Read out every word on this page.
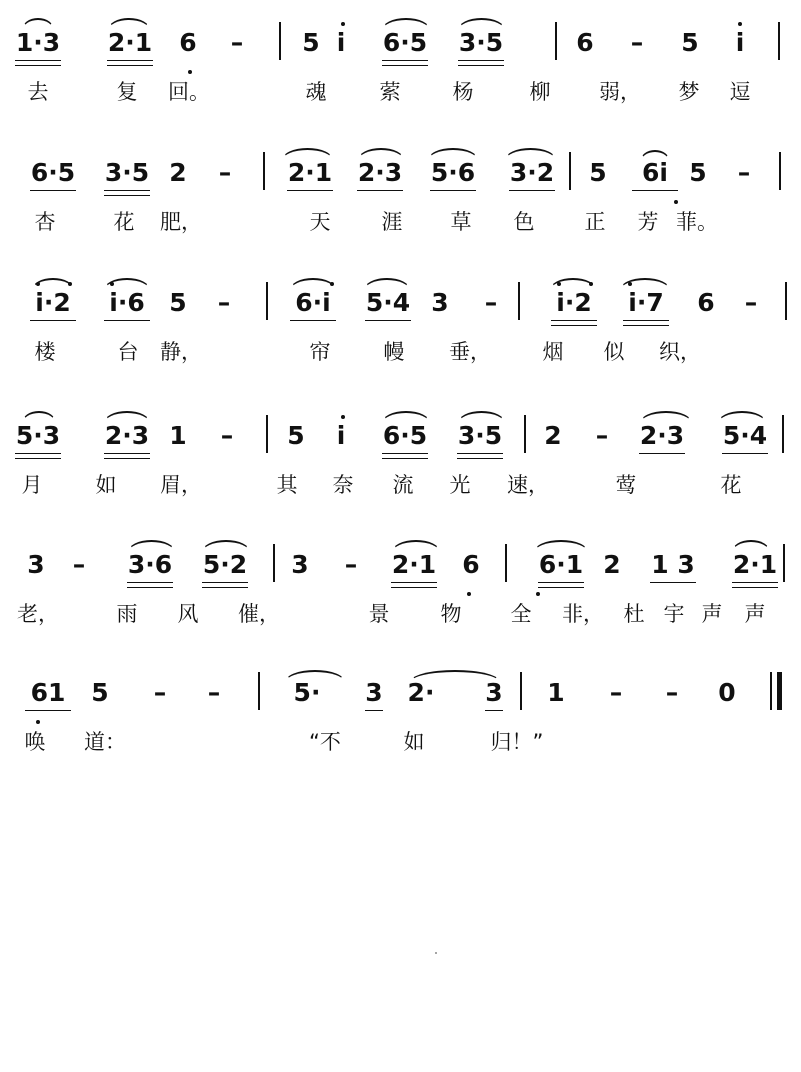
1·3 2·1 6 – 5 i 6·5 3·5	6 – 5 i
去	复 回。	魂	萦 杨	柳 弱， 梦 逗
6·5 3·5 2 – 2·1 2·3 5·6 3·2 5 6i 5 –
杏	花 肥，	天 涯 草 色 正 芳 菲。
i·2 i·6 5 –	6·i 5·4 3 – i·2 i·7 6 –
楼	台 静，	帘	幔 垂， 烟 似 织，
5·3 2·3 1 – 5 i 6·5 3·5 2 – 2·3 5·4
月	如 眉，	其 奈 流 光 速，	莺	花
3 – 3·6 5·2 3 – 2·1 6 6·1 2 1 3 2·1
老，	雨 风 催，	景 物 全 非， 杜 宇 声 声
61 5 – –	5· 3 2· 3 1 – – 0
唤 道：	“不	如	归！”
